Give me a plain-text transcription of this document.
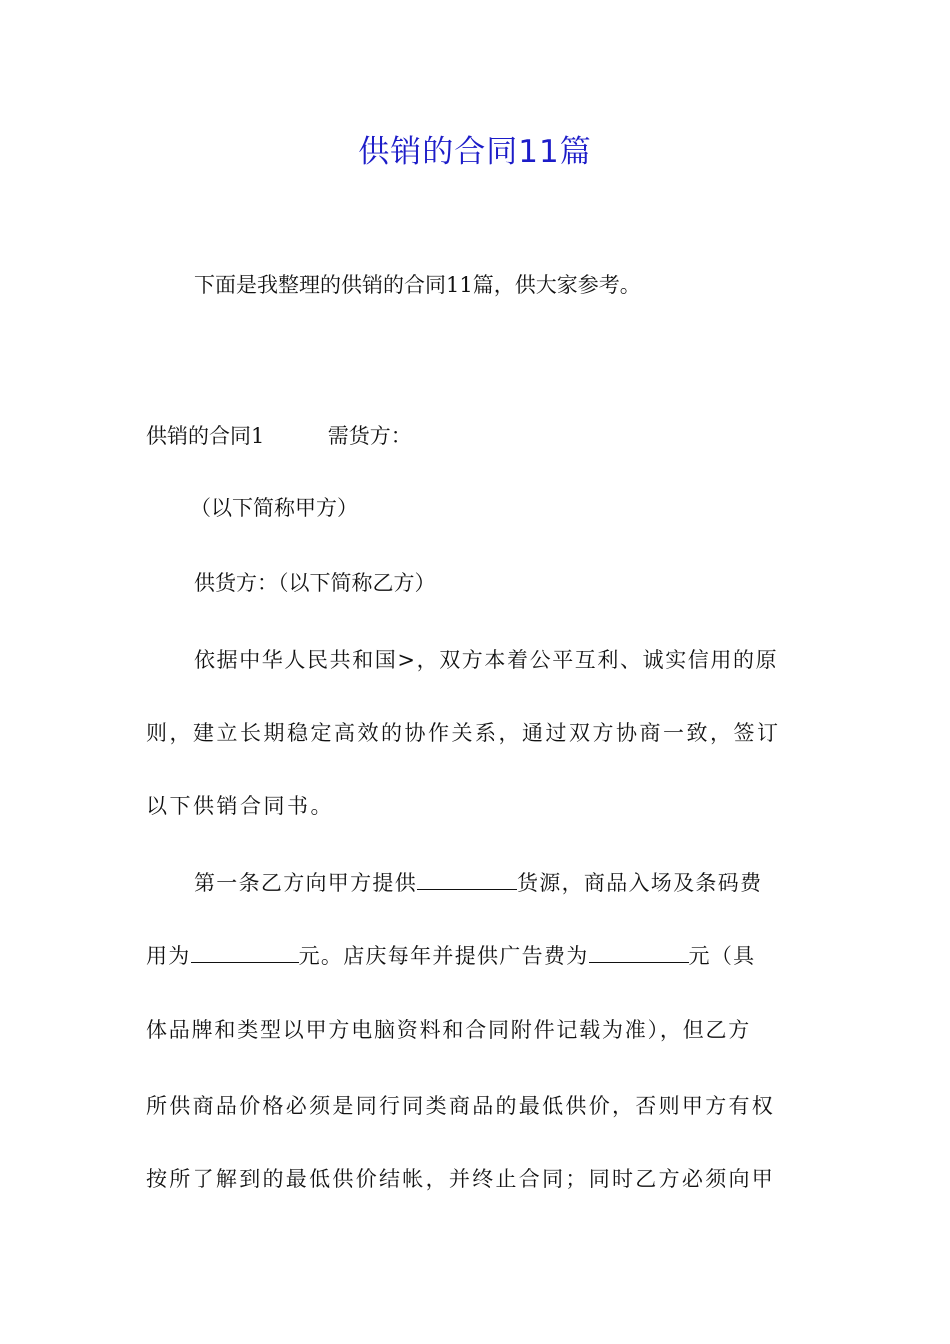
供销的合同11篇

下面是我整理的供销的合同11篇，供大家参考。

供销的合同1	需货方：

（以下简称甲方）

供货方：（以下简称乙方）

依据中华人民共和国>，双方本着公平互利、诚实信用的原

则，建立长期稳定高效的协作关系，通过双方协商一致，签订

以下供销合同书。

第一条乙方向甲方提供	货源，商品入场及条码费

用为	元。店庆每年并提供广告费为	元（具

体品牌和类型以甲方电脑资料和合同附件记载为准），但乙方

所供商品价格必须是同行同类商品的最低供价，否则甲方有权

按所了解到的最低供价结帐，并终止合同；同时乙方必须向甲
